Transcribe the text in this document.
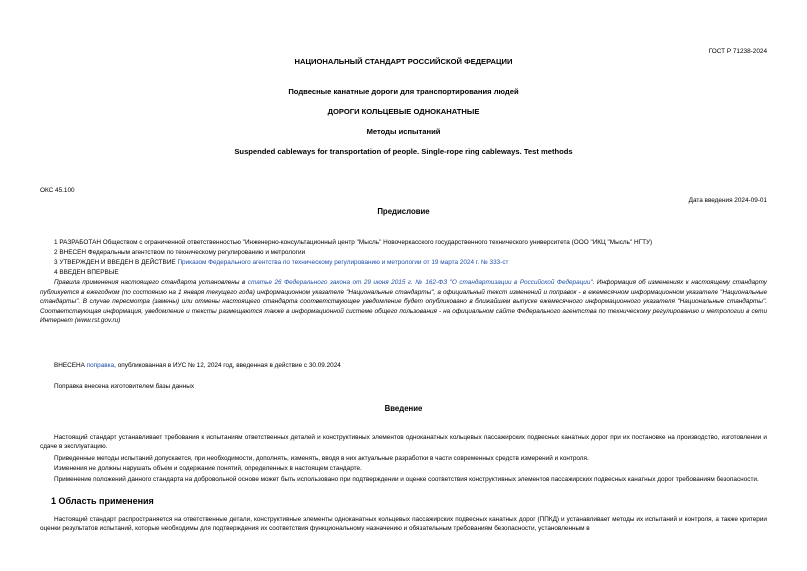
ГОСТ Р 71238-2024
НАЦИОНАЛЬНЫЙ СТАНДАРТ РОССИЙСКОЙ ФЕДЕРАЦИИ
Подвесные канатные дороги для транспортирования людей
ДОРОГИ КОЛЬЦЕВЫЕ ОДНОКАНАТНЫЕ
Методы испытаний
Suspended cableways for transportation of people. Single-rope ring cableways. Test methods
ОКС 45.100
Дата введения 2024-09-01
Предисловие
1 РАЗРАБОТАН Обществом с ограниченной ответственностью "Инженерно-консультационный центр "Мысль" Новочеркасского государственного технического университета (ООО "ИКЦ "Мысль" НГТУ)
2 ВНЕСЕН Федеральным агентством по техническому регулированию и метрологии
3 УТВЕРЖДЕН И ВВЕДЕН В ДЕЙСТВИЕ Приказом Федерального агентства по техническому регулированию и метрологии от 19 марта 2024 г. № 333-ст
4 ВВЕДЕН ВПЕРВЫЕ
Правила применения настоящего стандарта установлены в статье 26 Федерального закона от 29 июня 2015 г. № 162-ФЗ "О стандартизации в Российской Федерации". Информация об изменениях к настоящему стандарту публикуется в ежегодном (по состоянию на 1 января текущего года) информационном указателе "Национальные стандарты", а официальный текст изменений и поправок - в ежемесячном информационном указателе "Национальные стандарты". В случае пересмотра (замены) или отмены настоящего стандарта соответствующее уведомление будет опубликовано в ближайшем выпуске ежемесячного информационного указателя "Национальные стандарты". Соответствующая информация, уведомление и тексты размещаются также в информационной системе общего пользования - на официальном сайте Федерального агентства по техническому регулированию и метрологии в сети Интернет (www.rst.gov.ru)
ВНЕСЕНА поправка, опубликованная в ИУС № 12, 2024 год, введенная в действие с 30.09.2024
Поправка внесена изготовителем базы данных
Введение
Настоящий стандарт устанавливает требования к испытаниям ответственных деталей и конструктивных элементов одноканатных кольцевых пассажирских подвесных канатных дорог при их постановке на производство, изготовлении и сдаче в эксплуатацию.
Приведенные методы испытаний допускается, при необходимости, дополнять, изменять, вводя в них актуальные разработки в части современных средств измерений и контроля.
Изменения не должны нарушать объем и содержание понятий, определенных в настоящем стандарте.
Применение положений данного стандарта на добровольной основе может быть использовано при подтверждении и оценке соответствия конструктивных элементов пассажирских подвесных канатных дорог требованиям безопасности.
1 Область применения
Настоящий стандарт распространяется на ответственные детали, конструктивные элементы одноканатных кольцевых пассажирских подвесных канатных дорог (ППКД) и устанавливает методы их испытаний и контроля, а также критерии оценки результатов испытаний, которые необходимы для подтверждения их соответствия функциональному назначению и обязательным требованиям безопасности, установленным в
